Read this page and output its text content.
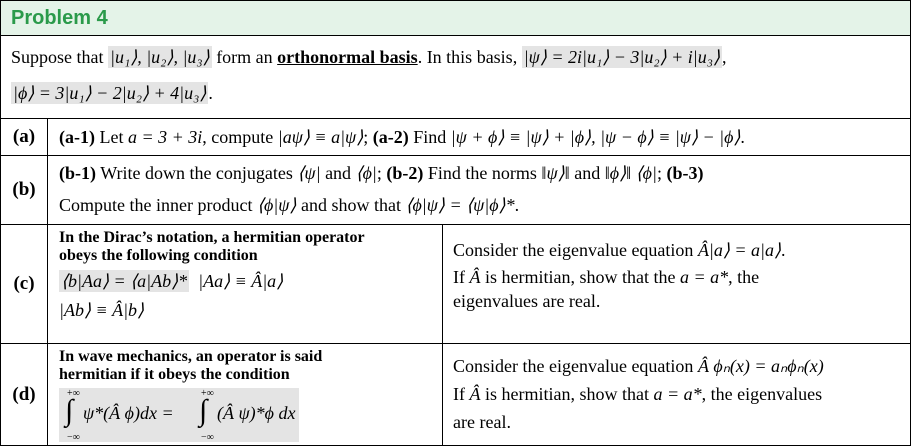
Problem 4
Suppose that |u₁⟩, |u₂⟩, |u₃⟩ form an orthonormal basis. In this basis, |ψ⟩ = 2i|u₁⟩ − 3|u₂⟩ + i|u₃⟩ ,
|ϕ⟩ = 3|u₁⟩ − 2|u₂⟩ + 4|u₃⟩ .
(a)	(a-1) Let a = 3 + 3i, compute |aψ⟩ ≡ a|ψ⟩; (a-2) Find |ψ + ϕ⟩ ≡ |ψ⟩ + |ϕ⟩, |ψ − ϕ⟩ ≡ |ψ⟩ − |ϕ⟩.
(b)
(b-1) Write down the conjugates ⟨ψ| and ⟨ϕ|; (b-2) Find the norms ‖ψ⟩‖ and ‖ϕ⟩‖ ⟨ϕ|; (b-3)
Compute the inner product ⟨ϕ|ψ⟩ and show that ⟨ϕ|ψ⟩ = ⟨ψ|ϕ⟩*.
(c)
In the Dirac’s notation, a hermitian operator
obeys the following condition
⟨b|Aa⟩ = ⟨a|Ab⟩* |Aa⟩ ≡ Â|a⟩
|Ab⟩ ≡ Â|b⟩
Consider the eigenvalue equation Â|a⟩ = a|a⟩.
If Â is hermitian, show that the a = a*, the
eigenvalues are real.
(d)
In wave mechanics, an operator is said
hermitian if it obeys the condition
+∞
∫
−∞
ψ*(Â ϕ)dx =
+∞
∫
−∞
(Â ψ)*ϕ dx
Consider the eigenvalue equation Â ϕₙ(x) = aₙϕₙ(x)
If Â is hermitian, show that a = a*, the eigenvalues
are real.
